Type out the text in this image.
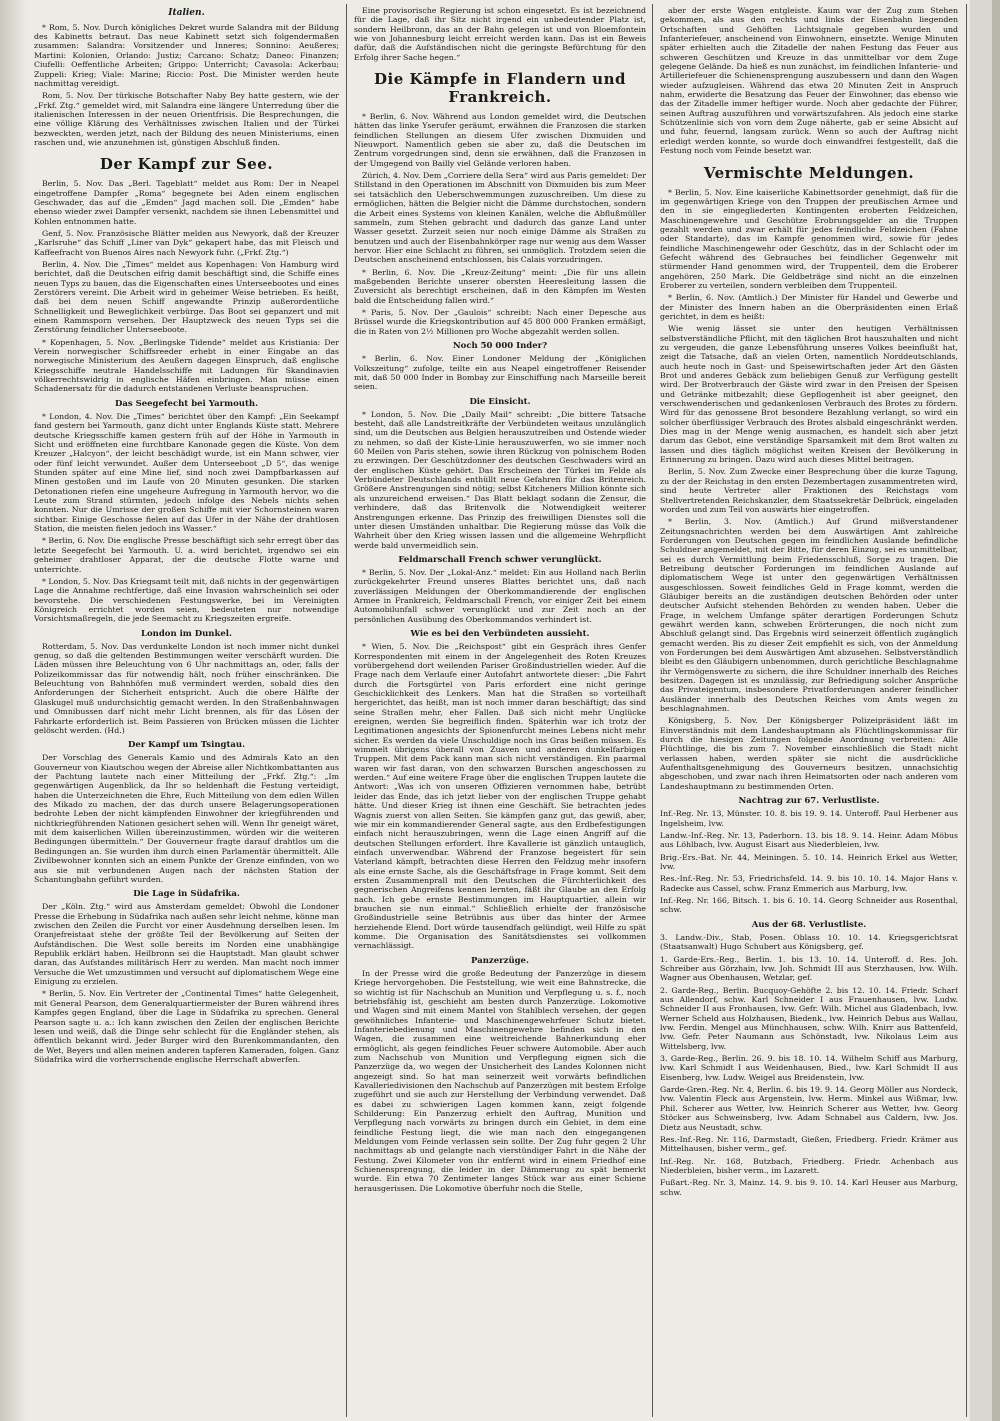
Italien.

* Rom, 5. Nov. Durch königliches Dekret wurde Salandra mit der Bildung des Kabinetts betraut. Das neue Kabinett setzt sich folgendermaßen zusammen: Salandra: Vorsitzender und Inneres; Sonnino: Aeußeres; Martini: Kolonien, Orlando: Justiz; Carcano: Schatz; Daneo: Finanzen; Ciufelli: Oeffentliche Arbeiten; Grippo: Unterricht; Cavasola: Ackerbau; Zuppeli: Krieg; Viale: Marine; Riccio: Post. Die Minister werden heute nachmittag vereidigt.

Rom, 5. Nov. Der türkische Botschafter Naby Bey hatte gestern, wie der „Frkf. Ztg.“ gemeldet wird, mit Salandra eine längere Unterredung über die italienischen Interessen in der neuen Orientfrisis. Die Besprechungen, die eine völlige Klärung des Verhältnisses zwischen Italien und der Türkei bezweckten, werden jetzt, nach der Bildung des neuen Ministeriums, einen raschen und, wie anzunehmen ist, günstigen Abschluß finden.

Der Kampf zur See.

Berlin, 5. Nov. Das „Berl. Tageblatt“ meldet aus Rom: Der in Neapel eingetroffene Dampfer „Roma“ begegnete bei Aden einem englischen Geschwader, das auf die „Emden“ Jagd machen soll. Die „Emden“ habe ebenso wieder zwei Dampfer versenkt, nachdem sie ihnen Lebensmittel und Kohlen entnommen hatte.

Genf, 5. Nov. Französische Blätter melden aus Newyork, daß der Kreuzer „Karlsruhe“ das Schiff „Liner van Dyk“ gekapert habe, das mit Fleisch und Kaffeefracht von Buenos Aires nach Newyork fuhr. („Frkf. Ztg.“)

Berlin, 4. Nov. Die „Times“ meldet aus Kopenhagen: Von Hamburg wird berichtet, daß die Deutschen eifrig damit beschäftigt sind, die Schiffe eines neuen Typs zu bauen, das die Eigenschaften eines Unterseebootes und eines Zerstörers vereint. Die Arbeit wird in geheimer Weise betrieben. Es heißt, daß bei dem neuen Schiff angewandte Prinzip außerordentliche Schnelligkeit und Beweglichkeit verbürge. Das Boot sei gepanzert und mit einem Rammsporn versehen. Der Hauptzweck des neuen Typs sei die Zerstörung feindlicher Unterseeboote.

* Kopenhagen, 5. Nov. „Berlingske Tidende“ meldet aus Kristiania: Der Verein norwegischer Schiffsreeder erhebt in einer Eingabe an das norwegische Ministerium des Aeußern dagegen Einspruch, daß englische Kriegsschiffe neutrale Handelsschiffe mit Ladungen für Skandinavien völkerrechtswidrig in englische Häfen einbringen. Man müsse einen Schadenersatz für die dadurch entstandenen Verluste beanspruchen.

Das Seegefecht bei Yarmouth.

* London, 4. Nov. Die „Times“ berichtet über den Kampf: „Ein Seekampf fand gestern bei Yarmouth, ganz dicht unter Englands Küste statt. Mehrere deutsche Kriegsschiffe kamen gestern früh auf der Höhe in Yarmouth in Sicht und eröffneten eine furchtbare Kanonade gegen die Küste. Von dem Kreuzer „Halcyon“, der leicht beschädigt wurde, ist ein Mann schwer, vier oder fünf leicht verwundet. Außer dem Unterseeboot „D 5“, das wenige Stunden später auf eine Mine lief, sind noch zwei Dampfbarkassen auf Minen gestoßen und im Laufe von 20 Minuten gesunken. Die starken Detonationen riefen eine ungeheure Aufregung in Yarmouth hervor, wo die Leute zum Strand stürmten, jedoch infolge des Nebels nichts sehen konnten. Nur die Umrisse der großen Schiffe mit vier Schornsteinen waren sichtbar. Einige Geschosse fielen auf das Ufer in der Nähe der drahtlosen Station, die meisten fielen jedoch ins Wasser.“

* Berlin, 6. Nov. Die englische Presse beschäftigt sich sehr erregt über das letzte Seegefecht bei Yarmouth. U. a. wird berichtet, irgendwo sei ein geheimer drahtloser Apparat, der die deutsche Flotte warne und unterrichte.

* London, 5. Nov. Das Kriegsamt teilt mit, daß nichts in der gegenwärtigen Lage die Annahme rechtfertige, daß eine Invasion wahrscheinlich sei oder bevorstehe. Die verschiedenen Festungswerke, bei im Vereinigten Königreich errichtet worden seien, bedeuteten nur notwendige Vorsichtsmaßregeln, die jede Seemacht zu Kriegszeiten ergreife.

London im Dunkel.

Rotterdam, 5. Nov. Das verdunkelte London ist noch immer nicht dunkel genug, so daß die geltenden Bestimmungen weiter verschärft wurden. Die Läden müssen ihre Beleuchtung von 6 Uhr nachmittags an, oder, falls der Polizeikommissar das für notwendig hält, noch früher einschränken. Die Beleuchtung von Bahnhöfen muß vermindert werden, sobald dies den Anforderungen der Sicherheit entspricht. Auch die obere Hälfte der Glaskugel muß undurchsichtig gemacht werden. In den Straßenbahnwagen und Omnibussen darf nicht mehr Licht brennen, als für das Lösen der Fahrkarte erforderlich ist. Beim Passieren von Brücken müssen die Lichter gelöscht werden. (Hd.)

Der Kampf um Tsingtau.

Der Vorschlag des Generals Kamio und des Admirals Kato an den Gouverneur von Kiautschou wegen der Abreise aller Nichtkombattanten aus der Pachtung lautete nach einer Mitteilung der „Frkf. Ztg.“: „Im gegenwärtigen Augenblick, da Ihr so heldenhaft die Festung verteidigt, haben die Unterzeichneten die Ehre, Euch Mitteilung von dem edlen Willen des Mikado zu machen, der das durch unsere Belagerungsoperationen bedrohte Leben der nicht kämpfenden Einwohner der kriegführenden und nichtkriegführenden Nationen gesichert sehen will. Wenn Ihr geneigt wäret, mit dem kaiserlichen Willen übereinzustimmen, würden wir die weiteren Bedingungen übermitteln.“ Der Gouverneur fragte darauf drahtlos um die Bedingungen an. Sie wurden ihm durch einen Parlamentär übermittelt. Alle Zivilbewohner konnten sich an einem Punkte der Grenze einfinden, von wo aus sie mit verbundenen Augen nach der nächsten Station der Schantungbahn geführt wurden.

Die Lage in Südafrika.

Der „Köln. Ztg.“ wird aus Amsterdam gemeldet: Obwohl die Londoner Presse die Erhebung in Südafrika nach außen sehr leicht nehme, könne man zwischen den Zeilen die Furcht vor einer Ausdehnung derselben lesen. Im Oranjefreistaat stehe der größte Teil der Bevölkerung auf Seiten der Aufständischen. Die West solle bereits im Norden eine unabhängige Republik erklärt haben. Heilbronn sei die Hauptstadt. Man glaubt schwer daran, das Aufstandes militärisch Herr zu werden. Man macht noch immer Versuche die Wet umzustimmen und versucht auf diplomatischem Wege eine Einigung zu erzielen.

* Berlin, 5. Nov. Ein Vertreter der „Continental Times“ hatte Gelegenheit, mit General Pearson, dem Generalquartiermeister der Buren während ihres Kampfes gegen England, über die Lage in Südafrika zu sprechen. General Pearson sagte u. a.: Ich kann zwischen den Zeilen der englischen Berichte lesen und weiß, daß die Dinge sehr schlecht für die Engländer stehen, als öffentlich bekannt wird. Jeder Burger wird den Burenkommandanten, den de Wet, Beyers und allen meinen anderen tapferen Kameraden, folgen. Ganz Südafrika wird die vorherrschende englische Herrschaft abwerfen.

Eine provisorische Regierung ist schon eingesetzt. Es ist bezeichnend für die Lage, daß ihr Sitz nicht irgend ein unbedeutender Platz ist, sondern Heilbronn, das an der Bahn gelegen ist und von Bloemfontein wie von Johannesburg leicht erreicht werden kann. Das ist ein Beweis dafür, daß die Aufständischen nicht die geringste Befürchtung für den Erfolg ihrer Sache hegen.“

Die Kämpfe in Flandern und Frankreich.

* Berlin, 6. Nov. Während aus London gemeldet wird, die Deutschen hätten das linke Yserufer geräumt, erwähnen die Franzosen die starken feindlichen Stellungen an diesem Ufer zwischen Dixmuiden und Nieuwport. Namentlich geben sie aber zu, daß die Deutschen im Zentrum vorgedrungen sind, denn sie erwähnen, daß die Franzosen in der Umgegend von Bailly viel Gelände verloren haben.

Zürich, 4. Nov. Dem „Corriere della Sera“ wird aus Paris gemeldet: Der Stillstand in den Operationen im Abschnitt von Dixmuiden bis zum Meer sei tatsächlich den Ueberschwemmungen zuzuschreiben. Um diese zu ermöglichen, hätten die Belgier nicht die Dämme durchstochen, sondern die Arbeit eines Systems von kleinen Kanälen, welche die Abflußmüller sammeln, zum Stehen gebracht und dadurch das ganze Land unter Wasser gesetzt. Zurzeit seien nur noch einige Dämme als Straßen zu benutzen und auch der Eisenbahnkörper rage nur wenig aus dem Wasser hervor. Hier eine Schlacht zu führen, sei unmöglich. Trotzdem seien die Deutschen anscheinend entschlossen, bis Calais vorzudringen.

* Berlin, 6. Nov. Die „Kreuz-Zeitung“ meint: „Die für uns allein maßgebenden Berichte unserer obersten Heeresleitung lassen die Zuversicht als berechtigt erscheinen, daß in den Kämpfen im Westen bald die Entscheidung fallen wird.“

* Paris, 5. Nov. Der „Gaulois“ schreibt: Nach einer Depesche aus Brüssel wurde die Kriegskontribution auf 45 800 000 Franken ermäßigt, die in Raten von 2½ Millionen pro Woche abgezahlt werden sollen.

Noch 50 000 Inder?

* Berlin, 6. Nov. Einer Londoner Meldung der „Königlichen Volkszeitung“ zufolge, teilte ein aus Neapel eingetroffener Reisender mit, daß 50 000 Inder in Bombay zur Einschiffung nach Marseille bereit seien.

Die Einsicht.

* London, 5. Nov. Die „Daily Mail“ schreibt: „Die bittere Tatsache besteht, daß alle Landstreitkräfte der Verbündeten weitaus unzulänglich sind, um die Deutschen aus Belgien herauszutreiben und Ostende wieder zu nehmen, so daß der Kiste-Linie herauszuwerfen, wo sie immer noch 60 Meilen von Paris stehen, sowie ihren Rückzug von polnischem Boden zu erzwingen. Der Geschützdonner des deutschen Geschwaders wird an der englischen Küste gehört. Das Erscheinen der Türkei im Felde als Verbündeter Deutschlands enthüllt neue Gefahren für das Britenreich. Größere Anstrengungen sind nötig; selbst Kitcheners Million könnte sich als unzureichend erweisen.“ Das Blatt beklagt sodann die Zensur, die verhindere, daß das Britenvolk die Notwendigkeit weiterer Anstrengungen erkenne. Das Prinzip des freiwilligen Dienstes soll die unter diesen Umständen unhaltbar. Die Regierung müsse das Volk die Wahrheit über den Krieg wissen lassen und die allgemeine Wehrpflicht werde bald unvermeidlich sein.

Feldmarschall French schwer verunglückt.

* Berlin, 5. Nov. Der „Lokal-Anz.“ meldet: Ein aus Holland nach Berlin zurückgekehrter Freund unseres Blattes berichtet uns, daß nach zuverlässigen Meldungen der Oberkommandierende der englischen Armee in Frankreich, Feldmarschall French, vor einiger Zeit bei einem Automobilunfall schwer verunglückt und zur Zeit noch an der persönlichen Ausübung des Oberkommandos verhindert ist.

Wie es bei den Verbündeten aussieht.

* Wien, 5. Nov. Die „Reichspost“ gibt ein Gespräch ihres Genfer Korrespondenten mit einem in der Angelegenheit des Roten Kreuzes vorübergehend dort weilenden Pariser Großindustriellen wieder. Auf die Frage nach dem Verlaufe einer Autofahrt antwortete dieser: „Die Fahrt durch die Fortsgürtel von Paris erfordert eine nicht geringe Geschicklichkeit des Lenkers. Man hat die Straßen so vorteilhaft hergerichtet, das heißt, man ist noch immer daran beschäftigt; das sind seine Straßen mehr, eher Fallen. Daß sich nicht mehr Unglücke ereignen, werden Sie begreiflich finden. Späterhin war ich trotz der Legitimationen angesichts der Spionenfurcht meines Lebens nicht mehr sicher. Es werden da viele Unschuldige noch ins Gras beißen müssen. Es wimmelt übrigens überall von Zuaven und anderen dunkelfarbigen Truppen. Mit dem Pack kann man sich nicht verständigen. Ein paarmal waren wir fast daran, von den schwarzen Burschen angeschossen zu werden.“ Auf eine weitere Frage über die englischen Truppen lautete die Antwort: „Was ich von unseren Offizieren vernommen habe, betrübt leider das Ende, das ich jetzt lieber von der englischen Truppe gehabt hätte. Und dieser Krieg ist ihnen eine Geschäft. Sie betrachten jedes Wagnis zuerst von allen Seiten. Sie kämpfen ganz gut, das gewiß, aber, wie mir ein kommandierender General sagte, aus den Erdbefestigungen einfach nicht herauszubringen, wenn die Lage einen Angriff auf die deutschen Stellungen erfordert. Ihre Kavallerie ist gänzlich untauglich, einfach unverwendbar. Während der Franzose begeistert für sein Vaterland kämpft, betrachten diese Herren den Feldzug mehr insofern als eine ernste Sache, als die Geschäftsfrage in Frage kommt. Seit dem ersten Zusammenprall mit den Deutschen die Fürchterlichkeit des gegnerischen Angreifens kennen lernten, fäßt ihr Glaube an den Erfolg nach. Ich gebe ernste Bestimmungen im Hauptquartier, allein wir brauchen sie nun einmal.“ Schließlich erhielte der französische Großindustrielle seine Betrübnis aus über das hinter der Armee herziehende Elend. Dort würde tausendfach gelündigt, weil Hilfe zu spät komme. Die Organisation des Sanitätsdienstes sei vollkommen vernachlässigt.

Panzerzüge.

In der Presse wird die große Bedeutung der Panzerzüge in diesem Kriege hervorgehoben. Die Feststellung, wie weit eine Bahnstrecke, die so wichtig ist für Nachschub an Munition und Verpflegung u. s. f., noch betriebsfähig ist, geschieht am besten durch Panzerzüge. Lokomotive und Wagen sind mit einem Mantel von Stahlblech versehen, der gegen gewöhnliches Infanterie- und Maschinengewehrfeuer Schutz bietet. Infanteriebedienung und Maschinengewehre befinden sich in den Wagen, die zusammen eine weitreichende Bahnerkundung eher ermöglicht, als gegen feindliches Feuer schwere Automobile. Aber auch zum Nachschub von Munition und Verpflegung eignen sich die Panzerzüge da, wo wegen der Unsicherheit des Landes Kolonnen nicht angezeigt sind. So hat man seinerzeit weit vorwärts befindlichen Kavalleriedivisionen den Nachschub auf Panzerzügen mit bestem Erfolge zugeführt und sie auch zur Herstellung der Verbindung verwendet. Daß es dabei zu schwierigen Lagen kommen kann, zeigt folgende Schilderung: Ein Panzerzug erhielt den Auftrag, Munition und Verpflegung nach vorwärts zu bringen durch ein Gebiet, in dem eine feindliche Festung liegt, die wie man nach den eingegangenen Meldungen vom Feinde verlassen sein sollte. Der Zug fuhr gegen 2 Uhr nachmittags ab und gelangte nach vierstündiger Fahrt in die Nähe der Festung. Zwei Kilometer von ihr entfernt wird in einem Friedhof eine Schienensprengung, die leider in der Dämmerung zu spät bemerkt wurde. Ein etwa 70 Zentimeter langes Stück war aus einer Schiene herausgerissen. Die Lokomotive überfuhr noch die Stelle,

aber der erste Wagen entgleiste. Kaum war der Zug zum Stehen gekommen, als aus den rechts und links der Eisenbahn liegenden Ortschaften und Gehöften Lichtsignale gegeben wurden und Infanteriefeuer, anscheinend von Einwohnern, einsetzte. Wenige Minuten später erhielten auch die Zitadelle der nahen Festung das Feuer aus schweren Geschützen und Kreuze in das unmittelbar vor dem Zuge gelegene Gelände. Da hieß es nun zunächst, im feindlichen Infanterie- und Artilleriefeuer die Schienensprengung auszubessern und dann den Wagen wieder aufzugleisen. Während das etwa 20 Minuten Zeit in Anspruch nahm, erwiderte die Besatzung das Feuer der Einwohner, das ebenso wie das der Zitadelle immer heftiger wurde. Noch aber gedachte der Führer, seinen Auftrag auszuführen und vorwärtszufahren. Als jedoch eine starke Schützenlinie sich von vorn dem Zuge näherte, gab er seine Absicht auf und fuhr, feuernd, langsam zurück. Wenn so auch der Auftrag nicht erledigt werden konnte, so wurde doch einwandfrei festgestellt, daß die Festung noch vom Feinde besetzt war.

Vermischte Meldungen.

* Berlin, 5. Nov. Eine kaiserliche Kabinettsorder genehmigt, daß für die im gegenwärtigen Kriege von den Truppen der preußischen Armee und den in sie eingegliederten Kontingenten eroberten Feldzeichen, Maschinengewehre und Geschütze Erobrungsgelder an die Truppen gezahlt werden und zwar erhält für jedes feindliche Feldzeichen (Fahne oder Standarte), das im Kampfe genommen wird, sowie für jedes feindliche Maschinengewehr oder Geschütz, das in der Schlacht oder im Gefecht während des Gebrauches bei feindlicher Gegenwehr mit stürmender Hand genommen wird, der Truppenteil, dem die Eroberer angehören, 250 Mark. Die Geldbeträge sind nicht an die einzelnen Eroberer zu verteilen, sondern verbleiben dem Truppenteil.

* Berlin, 6. Nov. (Amtlich.) Der Minister für Handel und Gewerbe und der Minister des Innern haben an die Oberpräsidenten einen Erlaß gerichtet, in dem es heißt:

Wie wenig lässet sie unter den heutigen Verhältnissen selbstverständliche Pflicht, mit den täglichen Brot hauszuhalten und nicht zu vergeuden, die ganze Lebensführung unseres Volkes beeinflußt hat, zeigt die Tatsache, daß an vielen Orten, namentlich Norddeutschlands, auch heute noch in Gast- und Speisewirtschaften jeder Art den Gästen Brot und anderes Gebäck zum beliebigen Genuß zur Verfügung gestellt wird. Der Brotverbrauch der Gäste wird zwar in den Preisen der Speisen und Getränke mitbezahlt; diese Gepflogenheit ist aber geeignet, den verschwenderischen und gedankenlosen Verbrauch des Brotes zu fördern. Wird für das genossene Brot besondere Bezahlung verlangt, so wird ein solcher überflüssiger Verbrauch des Brotes alsbald eingeschränkt werden. Dies mag in der Menge wenig ausmachen, es handelt sich aber jetzt darum das Gebot, eine verständige Sparsamkeit mit dem Brot walten zu lassen und dies täglich möglichst weiten Kreisen der Bevölkerung in Erinnerung zu bringen. Dazu wird auch dieses Mittel beitragen.

Berlin, 5. Nov. Zum Zwecke einer Besprechung über die kurze Tagung, zu der der Reichstag in den ersten Dezembertagen zusammentreten wird, sind heute Vertreter aller Fraktionen des Reichstags vom Stellvertretenden Reichskanzler, dem Staatssekretär Delbrück, eingeladen worden und zum Teil von auswärts hier eingetroffen.

* Berlin, 3. Nov. (Amtlich.) Auf Grund mißverstandener Zeitungsnachrichten werden bei dem Auswärtigen Amt zahlreiche Forderungen von Deutschen gegen im feindlichen Auslande befindliche Schuldner angemeldet, mit der Bitte, für deren Einzug, sei es unmittelbar, sei es durch Vermittlung beim Friedensschluß, Sorge zu tragen. Die Betreibung deutscher Forderungen im feindlichen Auslande auf diplomatischem Wege ist unter den gegenwärtigen Verhältnissen ausgeschlossen. Soweit feindliches Geld in Frage kommt, werden die Gläubiger bereits an die zuständigen deutschen Behörden oder unter deutscher Aufsicht stehenden Behörden zu wenden haben. Ueber die Frage, in welchem Umfange später derartigen Forderungen Schutz gewährt werden kann, schweben Erörterungen, die noch nicht zum Abschluß gelangt sind. Das Ergebnis wird seinerzeit öffentlich zugänglich gemacht werden. Bis zu dieser Zeit empfiehlt es sich, von der Anmeldung von Forderungen bei dem Auswärtigen Amt abzusehen. Selbstverständlich bleibt es den Gläubigern unbenommen, durch gerichtliche Beschlagnahme ihr Vermögenswerte zu sichern, die ihre Schuldner innerhalb des Reiches besitzen. Dagegen ist es unzulässig, zur Befriedigung solcher Ansprüche das Privateigentum, insbesondere Privatforderungen anderer feindlicher Ausländer innerhalb des Deutschen Reiches vom Amts wegen zu beschlagnahmen.

Königsberg, 5. Nov. Der Königsberger Polizeipräsident läßt im Einverständnis mit dem Landeshauptmann als Flüchtlingskommissar für durch die hiesigen Zeitungen folgende Anordnung verbreiten: Alle Flüchtlinge, die bis zum 7. November einschließlich die Stadt nicht verlassen haben, werden später sie nicht die ausdrückliche Aufenthaltsgenehmigung des Gouverneurs besitzen, unnachsichtig abgeschoben, und zwar nach ihren Heimatsorten oder nach anderen vom Landeshauptmann zu bestimmenden Orten.

Nachtrag zur 67. Verlustliste.
Inf.-Reg. Nr. 13, Münster. 10. 8. bis 19. 9. 14. Unteroff. Paul Herbener aus Ingelsheim, lvw.
Landw.-Inf.-Reg. Nr. 13, Paderborn. 13. bis 18. 9. 14. Heinr. Adam Möbus aus Löhlbach, lvw. August Eisart aus Niederbleien, lvw.
Brig.-Ers.-Bat. Nr. 44, Meiningen. 5. 10. 14. Heinrich Erkel aus Wetter, lvw.
Res.-Inf.-Reg. Nr. 53, Friedrichsfeld. 14. 9. bis 10. 10. 14. Major Hans v. Radecke aus Cassel, schw. Franz Emmerich aus Marburg, lvw.
Inf.-Reg. Nr. 166, Bitsch. 1. bis 6. 10. 14. Georg Schneider aus Rosenthal, schw.
Aus der 68. Verlustliste.
3. Landw.-Div., Stab, Posen. Oblass 10. 10. 14. Kriegsgerichtsrat (Staatsanwalt) Hugo Schubert aus Königsberg, gef.
1. Garde-Ers.-Reg., Berlin. 1. bis 13. 10. 14. Unteroff. d. Res. Joh. Schreiber aus Görzhain, lvw. Joh. Schmidt III aus Sterzhausen, lvw. Wilh. Wagner aus Obenhausen, Wetzlar, gef.
2. Garde-Reg., Berlin. Bucquoy-Gehöfte 2. bis 12. 10. 14. Friedr. Scharf aus Allendorf, schw. Karl Schneider I aus Frauenhausen, lvw. Ludw. Schneider II aus Fronhausen, lvw. Gefr. Wilh. Michel aus Gladenbach, lvw. Werner Scheld aus Holzhausen, Biedenk., lvw. Heinrich Debus aus Wallau, lvw. Ferdin. Mengel aus Münchhausen, schw. Wilh. Knirr aus Battenfeld, lvw. Gefr. Peter Naumann aus Schönstadt, lvw. Nikolaus Leim aus Wittelsberg, lvw.
3. Garde-Reg., Berlin. 26. 9. bis 18. 10. 14. Wilhelm Schiff aus Marburg, lvw. Karl Schmidt I aus Weidenhausen, Bied., lvw. Karl Schmidt II aus Eisenberg, lvw. Ludw. Weigel aus Breidenstein, lvw.
Garde-Gren.-Reg. Nr. 4, Berlin. 6. bis 19. 9. 14. Georg Möller aus Nordeck, lvw. Valentin Fleck aus Argenstein, lvw. Herm. Minkel aus Wißmar, lvw. Phil. Scherer aus Wetter, lvw. Heinrich Scherer aus Wetter, lvw. Georg Stöcker aus Schweinsberg, lvw. Adam Schnabel aus Caldern, lvw. Jos. Dietz aus Neustadt, schw.
Res.-Inf.-Reg. Nr. 116, Darmstadt, Gießen, Friedberg. Friedr. Krämer aus Mittelhausen, bisher verm., gef.
Inf.-Reg. Nr. 168, Butzbach, Friedberg. Friedr. Achenbach aus Niederbleien, bisher verm., im Lazarett.
Fußart.-Reg. Nr. 3, Mainz. 14. 9. bis 9. 10. 14. Karl Heuser aus Marburg, schw.
